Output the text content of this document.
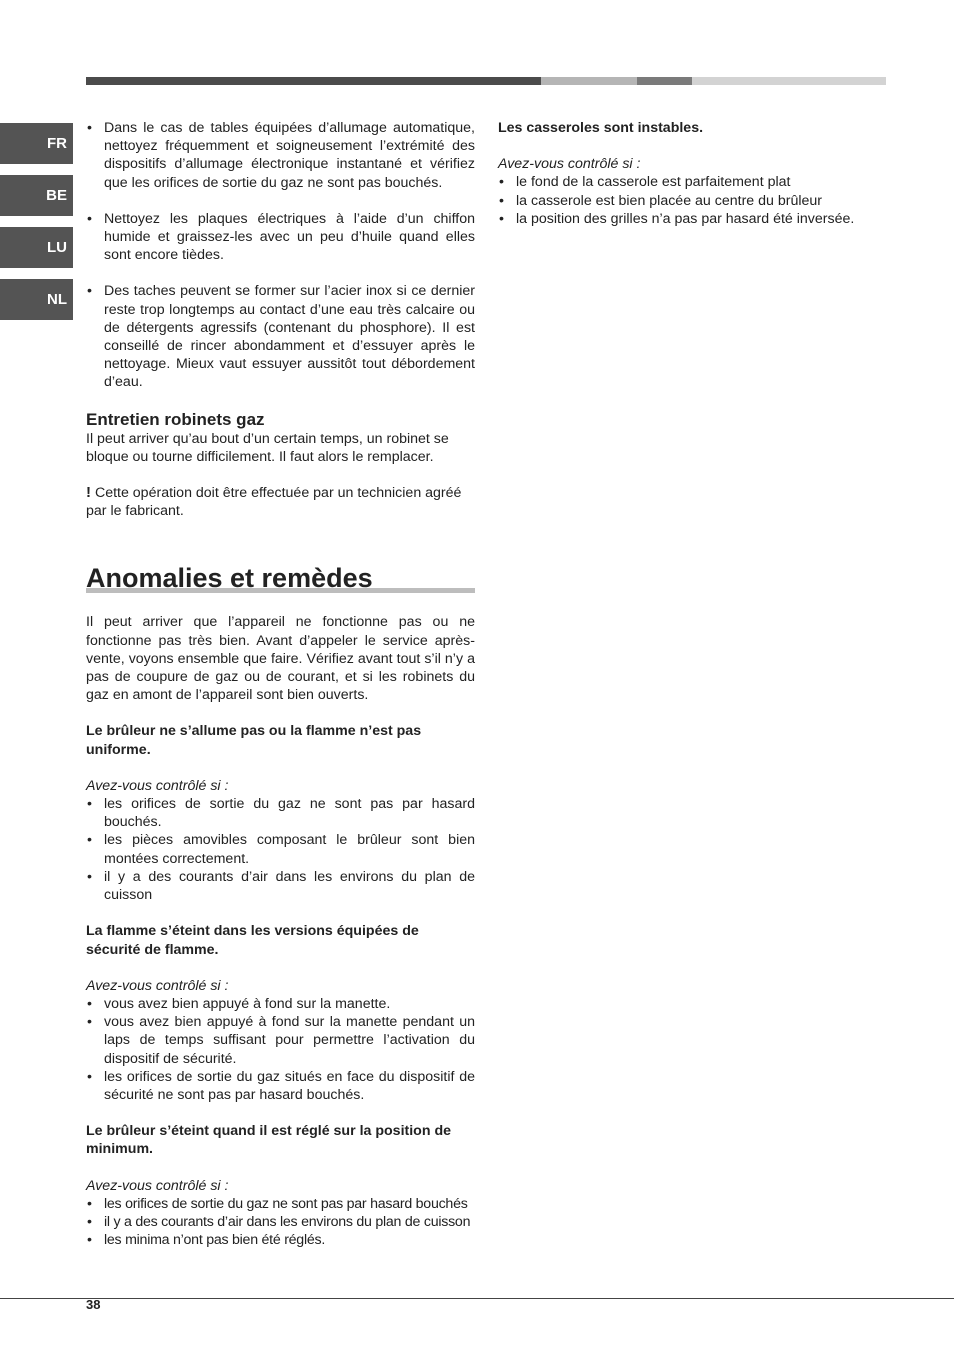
FR
BE
LU
NL
• Dans le cas de tables équipées d’allumage automatique, nettoyez fréquemment et soigneusement l’extrémité des dispositifs d’allumage électronique instantané et vérifiez que les orifices de sortie du gaz ne sont pas bouchés.
• Nettoyez les plaques électriques à l’aide d’un chiffon humide et graissez-les avec un peu d’huile quand elles sont encore tièdes.
• Des taches peuvent se former sur l’acier inox si ce dernier reste trop longtemps au contact d’une eau très calcaire ou de détergents agressifs (contenant du phosphore). Il est conseillé de rincer abondamment et d’essuyer après le nettoyage. Mieux vaut essuyer aussitôt tout débordement d’eau.
Entretien robinets gaz

Il peut arriver qu’au bout d’un certain temps, un robinet se bloque ou tourne difficilement. Il faut alors le remplacer.

! Cette opération doit être effectuée par un technicien agréé par le fabricant.

Anomalies et remèdes

Il peut arriver que l’appareil ne fonctionne pas ou ne fonctionne pas très bien. Avant d’appeler le service après-vente, voyons ensemble que faire. Vérifiez avant tout s’il n’y a pas de coupure de gaz ou de courant, et si les robinets du gaz en amont de l’appareil sont bien ouverts.

Le brûleur ne s’allume pas ou la flamme n’est pas uniforme.

Avez-vous contrôlé si :

• les orifices de sortie du gaz ne sont pas par hasard bouchés.
• les pièces amovibles composant le brûleur sont bien montées correctement.
• il y a des courants d’air dans les environs du plan de cuisson

La flamme s’éteint dans les versions équipées de sécurité de flamme.

Avez-vous contrôlé si :

• vous avez bien appuyé à fond sur la manette.
• vous avez bien appuyé à fond sur la manette pendant un laps de temps suffisant pour permettre l’activation du dispositif de sécurité.
• les orifices de sortie du gaz situés en face du dispositif de sécurité ne sont pas par hasard bouchés.

Le brûleur s’éteint quand il est réglé sur la position de minimum.

Avez-vous contrôlé si :

• les orifices de sortie du gaz ne sont pas par hasard bouchés
• il y a des courants d’air dans les environs du plan de cuisson
• les minima n’ont pas bien été réglés.

Les casseroles sont instables.

Avez-vous contrôlé si :

• le fond de la casserole est parfaitement plat
• la casserole est bien placée au centre du brûleur
• la position des grilles n’a pas par hasard été inversée.
38
